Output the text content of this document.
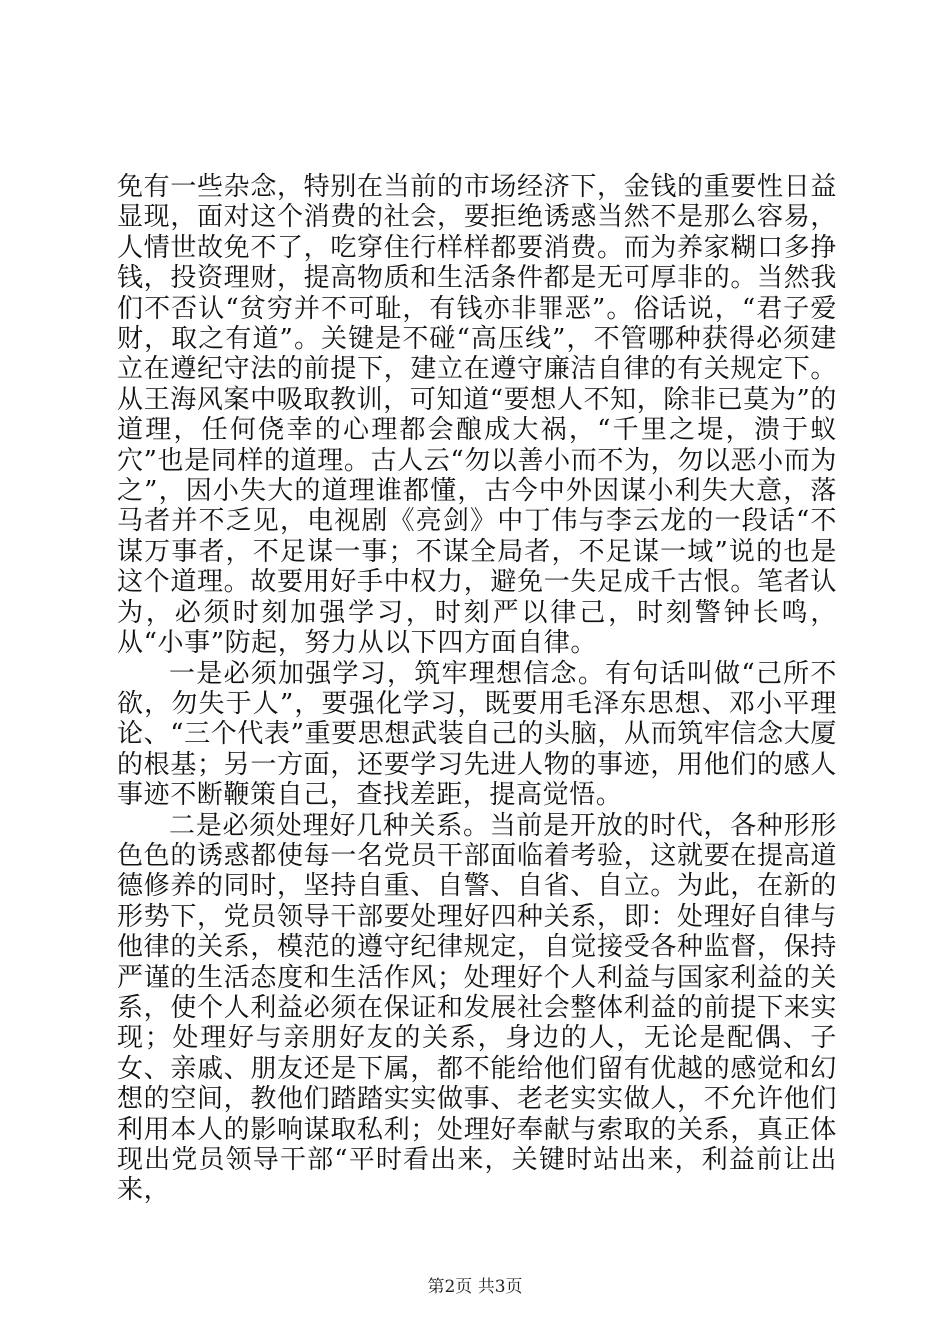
免有一些杂念，特别在当前的市场经济下，金钱的重要性日益显现，面对这个消费的社会，要拒绝诱惑当然不是那么容易，人情世故免不了，吃穿住行样样都要消费。而为养家糊口多挣钱，投资理财，提高物质和生活条件都是无可厚非的。当然我们不否认“贫穷并不可耻，有钱亦非罪恶”。俗话说，“君子爱财，取之有道”。关键是不碰“高压线”，不管哪种获得必须建立在遵纪守法的前提下，建立在遵守廉洁自律的有关规定下。从王海风案中吸取教训，可知道“要想人不知，除非已莫为”的道理，任何侥幸的心理都会酿成大祸，“千里之堤，溃于蚁穴”也是同样的道理。古人云“勿以善小而不为，勿以恶小而为之”，因小失大的道理谁都懂，古今中外因谋小利失大意，落马者并不乏见，电视剧《亮剑》中丁伟与李云龙的一段话“不谋万事者，不足谋一事；不谋全局者，不足谋一域”说的也是这个道理。故要用好手中权力，避免一失足成千古恨。笔者认为，必须时刻加强学习，时刻严以律己，时刻警钟长鸣，从“小事”防起，努力从以下四方面自律。

一是必须加强学习，筑牢理想信念。有句话叫做“己所不欲，勿失于人”，要强化学习，既要用毛泽东思想、邓小平理论、“三个代表”重要思想武装自己的头脑，从而筑牢信念大厦的根基；另一方面，还要学习先进人物的事迹，用他们的感人事迹不断鞭策自己，查找差距，提高觉悟。

二是必须处理好几种关系。当前是开放的时代，各种形形色色的诱惑都使每一名党员干部面临着考验，这就要在提高道德修养的同时，坚持自重、自警、自省、自立。为此，在新的形势下，党员领导干部要处理好四种关系，即：处理好自律与他律的关系，模范的遵守纪律规定，自觉接受各种监督，保持严谨的生活态度和生活作风；处理好个人利益与国家利益的关系，使个人利益必须在保证和发展社会整体利益的前提下来实现；处理好与亲朋好友的关系，身边的人，无论是配偶、子女、亲戚、朋友还是下属，都不能给他们留有优越的感觉和幻想的空间，教他们踏踏实实做事、老老实实做人，不允许他们利用本人的影响谋取私利；处理好奉献与索取的关系，真正体现出党员领导干部“平时看出来，关键时站出来，利益前让出来，

第2页 共3页
